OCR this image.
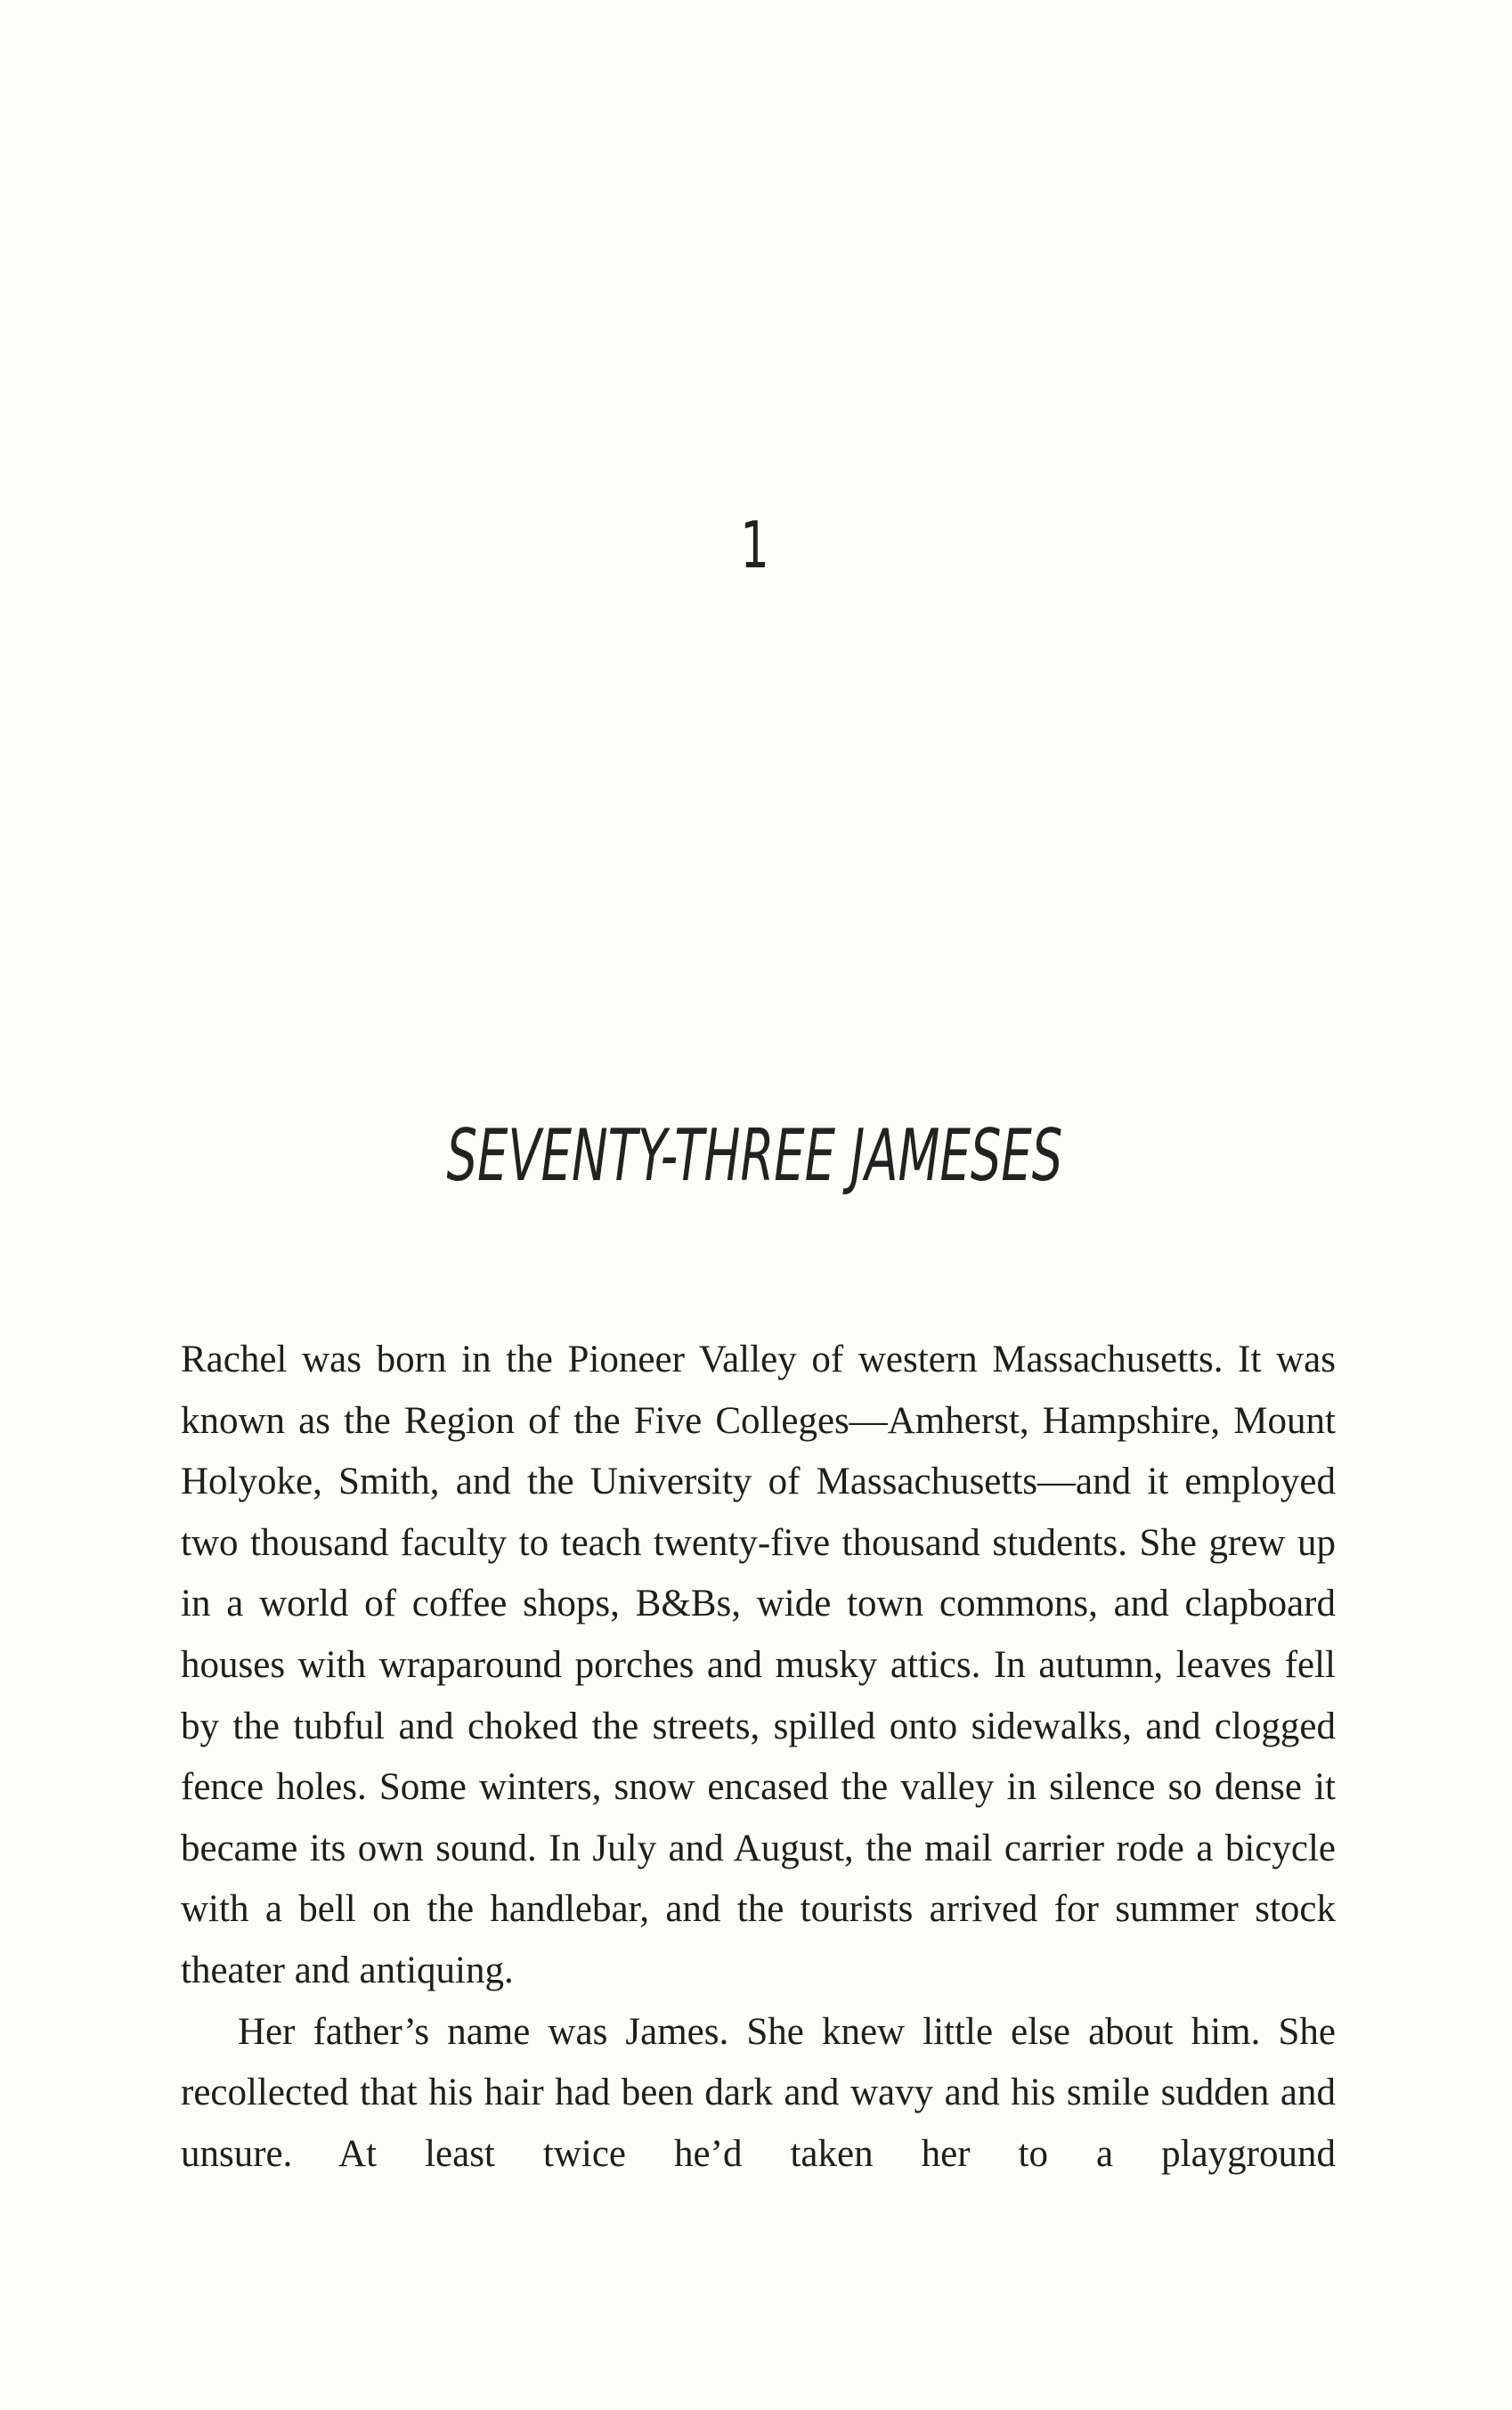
1
SEVENTY-THREE JAMESES

Rachel was born in the Pioneer Valley of western Massachusetts. It was known as the Region of the Five Colleges—Amherst, Hampshire, Mount Holyoke, Smith, and the University of Massachusetts—and it employed two thousand faculty to teach twenty-five thousand students. She grew up in a world of coffee shops, B&Bs, wide town commons, and clapboard houses with wraparound porches and musky attics. In autumn, leaves fell by the tubful and choked the streets, spilled onto sidewalks, and clogged fence holes. Some winters, snow encased the valley in silence so dense it became its own sound. In July and August, the mail carrier rode a bicycle with a bell on the handlebar, and the tourists arrived for summer stock theater and antiquing.

Her father’s name was James. She knew little else about him. She recollected that his hair had been dark and wavy and his smile sudden and unsure. At least twice he’d taken her to a playground
